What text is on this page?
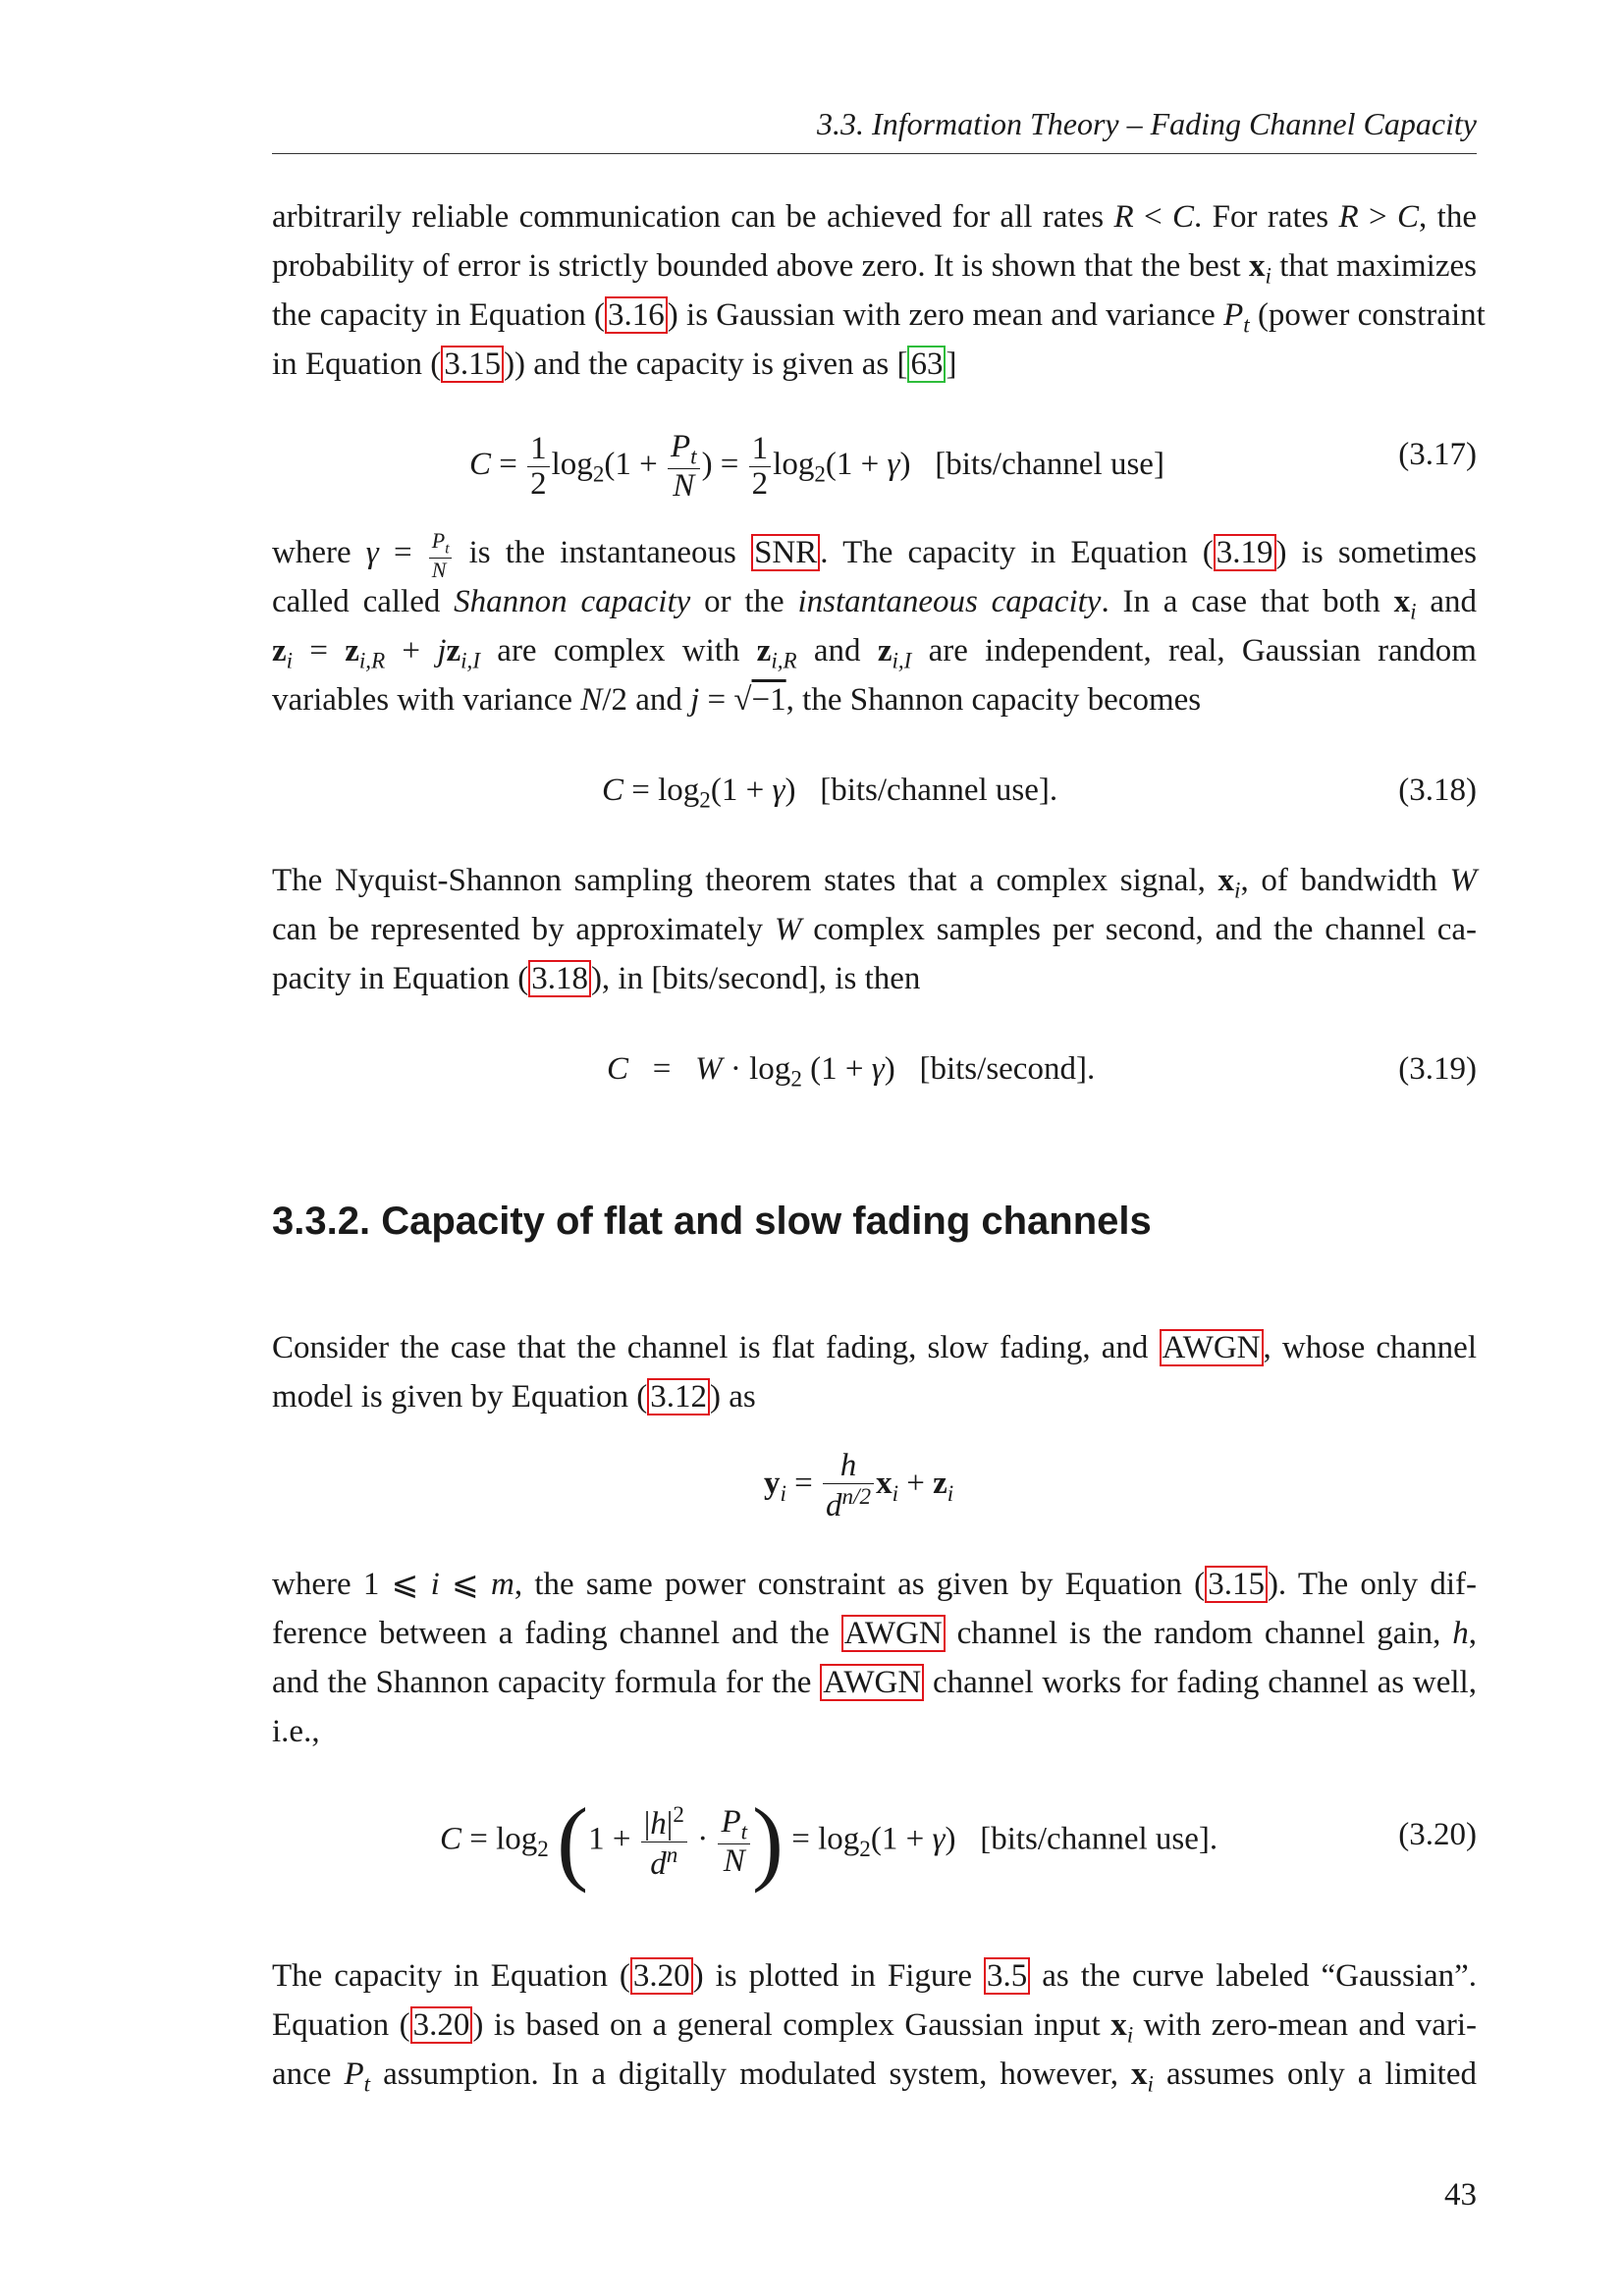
3.3. Information Theory – Fading Channel Capacity
arbitrarily reliable communication can be achieved for all rates R < C. For rates R > C, the
probability of error is strictly bounded above zero. It is shown that the best $x_i$ that maximizes
the capacity in Equation (3.16) is Gaussian with zero mean and variance $P_t$ (power constraint
in Equation (3.15)) and the capacity is given as [63]
$C = \frac{1}{2} \log_2(1 + \frac{P_t}{N}$ ) = $\frac{1}{2} \log_2(1 + \gamma)$   [bits/channel use]	(3.17)
where $\gamma = \frac{P_t}{N}$ is the instantaneous SNR. The capacity in Equation (3.19) is sometimes
called called Shannon capacity or the instantaneous capacity. In a case that both $x_i$ and
$z_i = z_{i,R} + jz_{i,I}$ are complex with $z_{i,R}$ and $z_{i,I}$ are independent, real, Gaussian random
variables with variance N/2 and j = √−1, the Shannon capacity becomes
$C = \log_2(1 + \gamma)$   [bits/channel use].	(3.18)
The Nyquist-Shannon sampling theorem states that a complex signal, $x_i$, of bandwidth W
can be represented by approximately W complex samples per second, and the channel ca-
pacity in Equation (3.18), in [bits/second], is then
$C = W \cdot \log_2 (1 + \gamma)$   [bits/second].	(3.19)
3.3.2. Capacity of flat and slow fading channels
Consider the case that the channel is flat fading, slow fading, and AWGN, whose channel
model is given by Equation (3.12) as
$y_i = \frac{h}{d^{n/2}} x_i + z_i$
where 1 ⩽ i ⩽ m, the same power constraint as given by Equation (3.15). The only dif-
ference between a fading channel and the AWGN channel is the random channel gain, h,
and the Shannon capacity formula for the AWGN channel works for fading channel as well,
i.e.,
$C = \log_2 (1 + \frac{|h|^2}{d^n} \cdot \frac{P_t}{N}$ ) = $\log_2(1 + \gamma)$   [bits/channel use].	(3.20)
The capacity in Equation (3.20) is plotted in Figure 3.5 as the curve labeled “Gaussian”.
Equation (3.20) is based on a general complex Gaussian input $x_i$ with zero-mean and vari-
ance $P_t$ assumption. In a digitally modulated system, however, $x_i$ assumes only a limited
43
